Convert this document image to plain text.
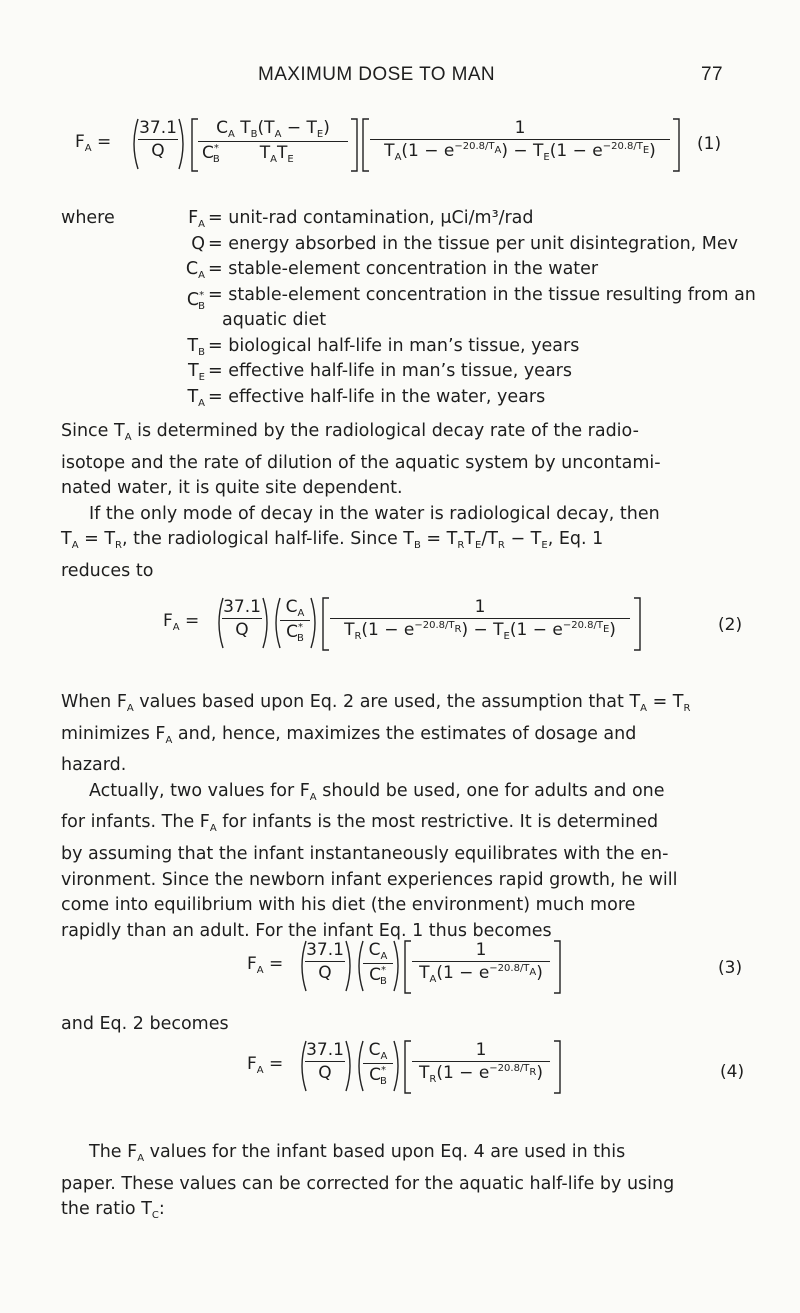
MAXIMUM DOSE TO MAN	77
$F_A$ =
37.1
Q
$C_A$ $T_B(T_A - T_E)$
$C^*_B$ $T_AT_E$
1
$T_A(1 - e^{-20.8/T_A}) - T_E(1 - e^{-20.8/T_E})$	(1)
where	$F_A$ = unit-rad contamination, μCi/m³/rad
Q = energy absorbed in the tissue per unit disintegration, Mev
$C_A$ = stable-element concentration in the water
$C^*_B$
= stable-element concentration in the tissue resulting from an
aquatic diet
$T_B$ = biological half-life in man’s tissue, years
$T_E$ = effective half-life in man’s tissue, years
$T_A$ = effective half-life in the water, years

Since $T_A$ is determined by the radiological decay rate of the radio-

isotope and the rate of dilution of the aquatic system by uncontami-

nated water, it is quite site dependent.

If the only mode of decay in the water is radiological decay, then

$T_A = T_R$, the radiological half-life. Since $T_B = T_RT_E/T_R - T_E$, Eq. 1

reduces to

$F_A$ =
37.1
Q
$C_A$
$C^*_B$
1
$T_R(1 - e^{-20.8/T_R}) - T_E(1 - e^{-20.8/T_E})$	(2)

When $F_A$ values based upon Eq. 2 are used, the assumption that $T_A = T_R$

minimizes $F_A$ and, hence, maximizes the estimates of dosage and

hazard.

Actually, two values for $F_A$ should be used, one for adults and one

for infants. The $F_A$ for infants is the most restrictive. It is determined

by assuming that the infant instantaneously equilibrates with the en-

vironment. Since the newborn infant experiences rapid growth, he will

come into equilibrium with his diet (the environment) much more

rapidly than an adult. For the infant Eq. 1 thus becomes

$F_A$ =
37.1
Q
$C_A$
$C^*_B$
1
$T_A(1 - e^{-20.8/T_A})$	(3)

and Eq. 2 becomes

$F_A$ =
37.1
Q
$C_A$
$C^*_B$
1
$T_R(1 - e^{-20.8/T_R})$	(4)

The $F_A$ values for the infant based upon Eq. 4 are used in this

paper. These values can be corrected for the aquatic half-life by using

the ratio $T_C$:
